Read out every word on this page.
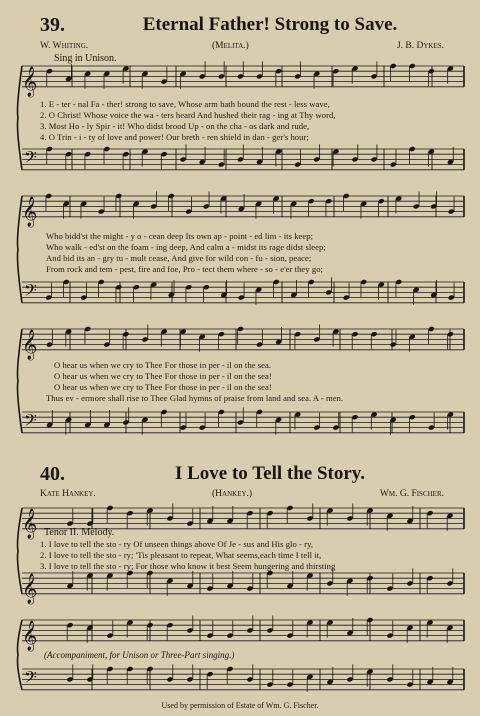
𝄞
𝄢
𝄞
𝄢
𝄞
𝄢
𝄞
𝄞
𝄞
𝄢
39.	Eternal Father! Strong to Save.
W. Whiting.	(Melita.)	J. B. Dykes.
Sing in Unison.
1. E - ter - nal Fa - ther! strong to save, Whose arm hath bound the rest - less wave,
2. O Christ! Whose voice the wa - ters heard And hushed their rag - ing at Thy word,
3. Most Ho - ly Spir - it! Who didst brood Up - on the cha - os dark and rude,
4. O Trin - i - ty of love and power! Our breth - ren shield in dan - ger's hour;
Who bidd'st the might - y o - cean deep Its own ap - point - ed lim - its keep;
Who walk - ed'st on the foam - ing deep, And calm a - midst its rage didst sleep;
And bid its an - gry tu - mult cease, And give for wild con - fu - sion, peace;
From rock and tem - pest, fire and foe, Pro - tect them where - so - e'er they go;
O hear us when we cry to Thee For those in per - il on the sea.
O hear us when we cry to Thee For those in per - il on the sea!
O hear us when we cry to Thee For those in per - il on the sea!
Thus ev - ermore shall rise to Thee Glad hymns of praise from land and sea. A - men.
40.	I Love to Tell the Story.
Kate Hankey.	(Hankey.)	Wm. G. Fischer.
Tenor II. Melody.
1. I love to tell the sto - ry Of unseen things above Of Je - sus and His glo - ry,
2. I love to tell the sto - ry; 'Tis pleasant to repeat, What seems,each time I tell it,
3. I love to tell the sto - ry; For those who know it best Seem hungering and thirsting
(Accompaniment, for Unison or Three-Part singing.)
Used by permission of Estate of Wm. G. Fischer.
